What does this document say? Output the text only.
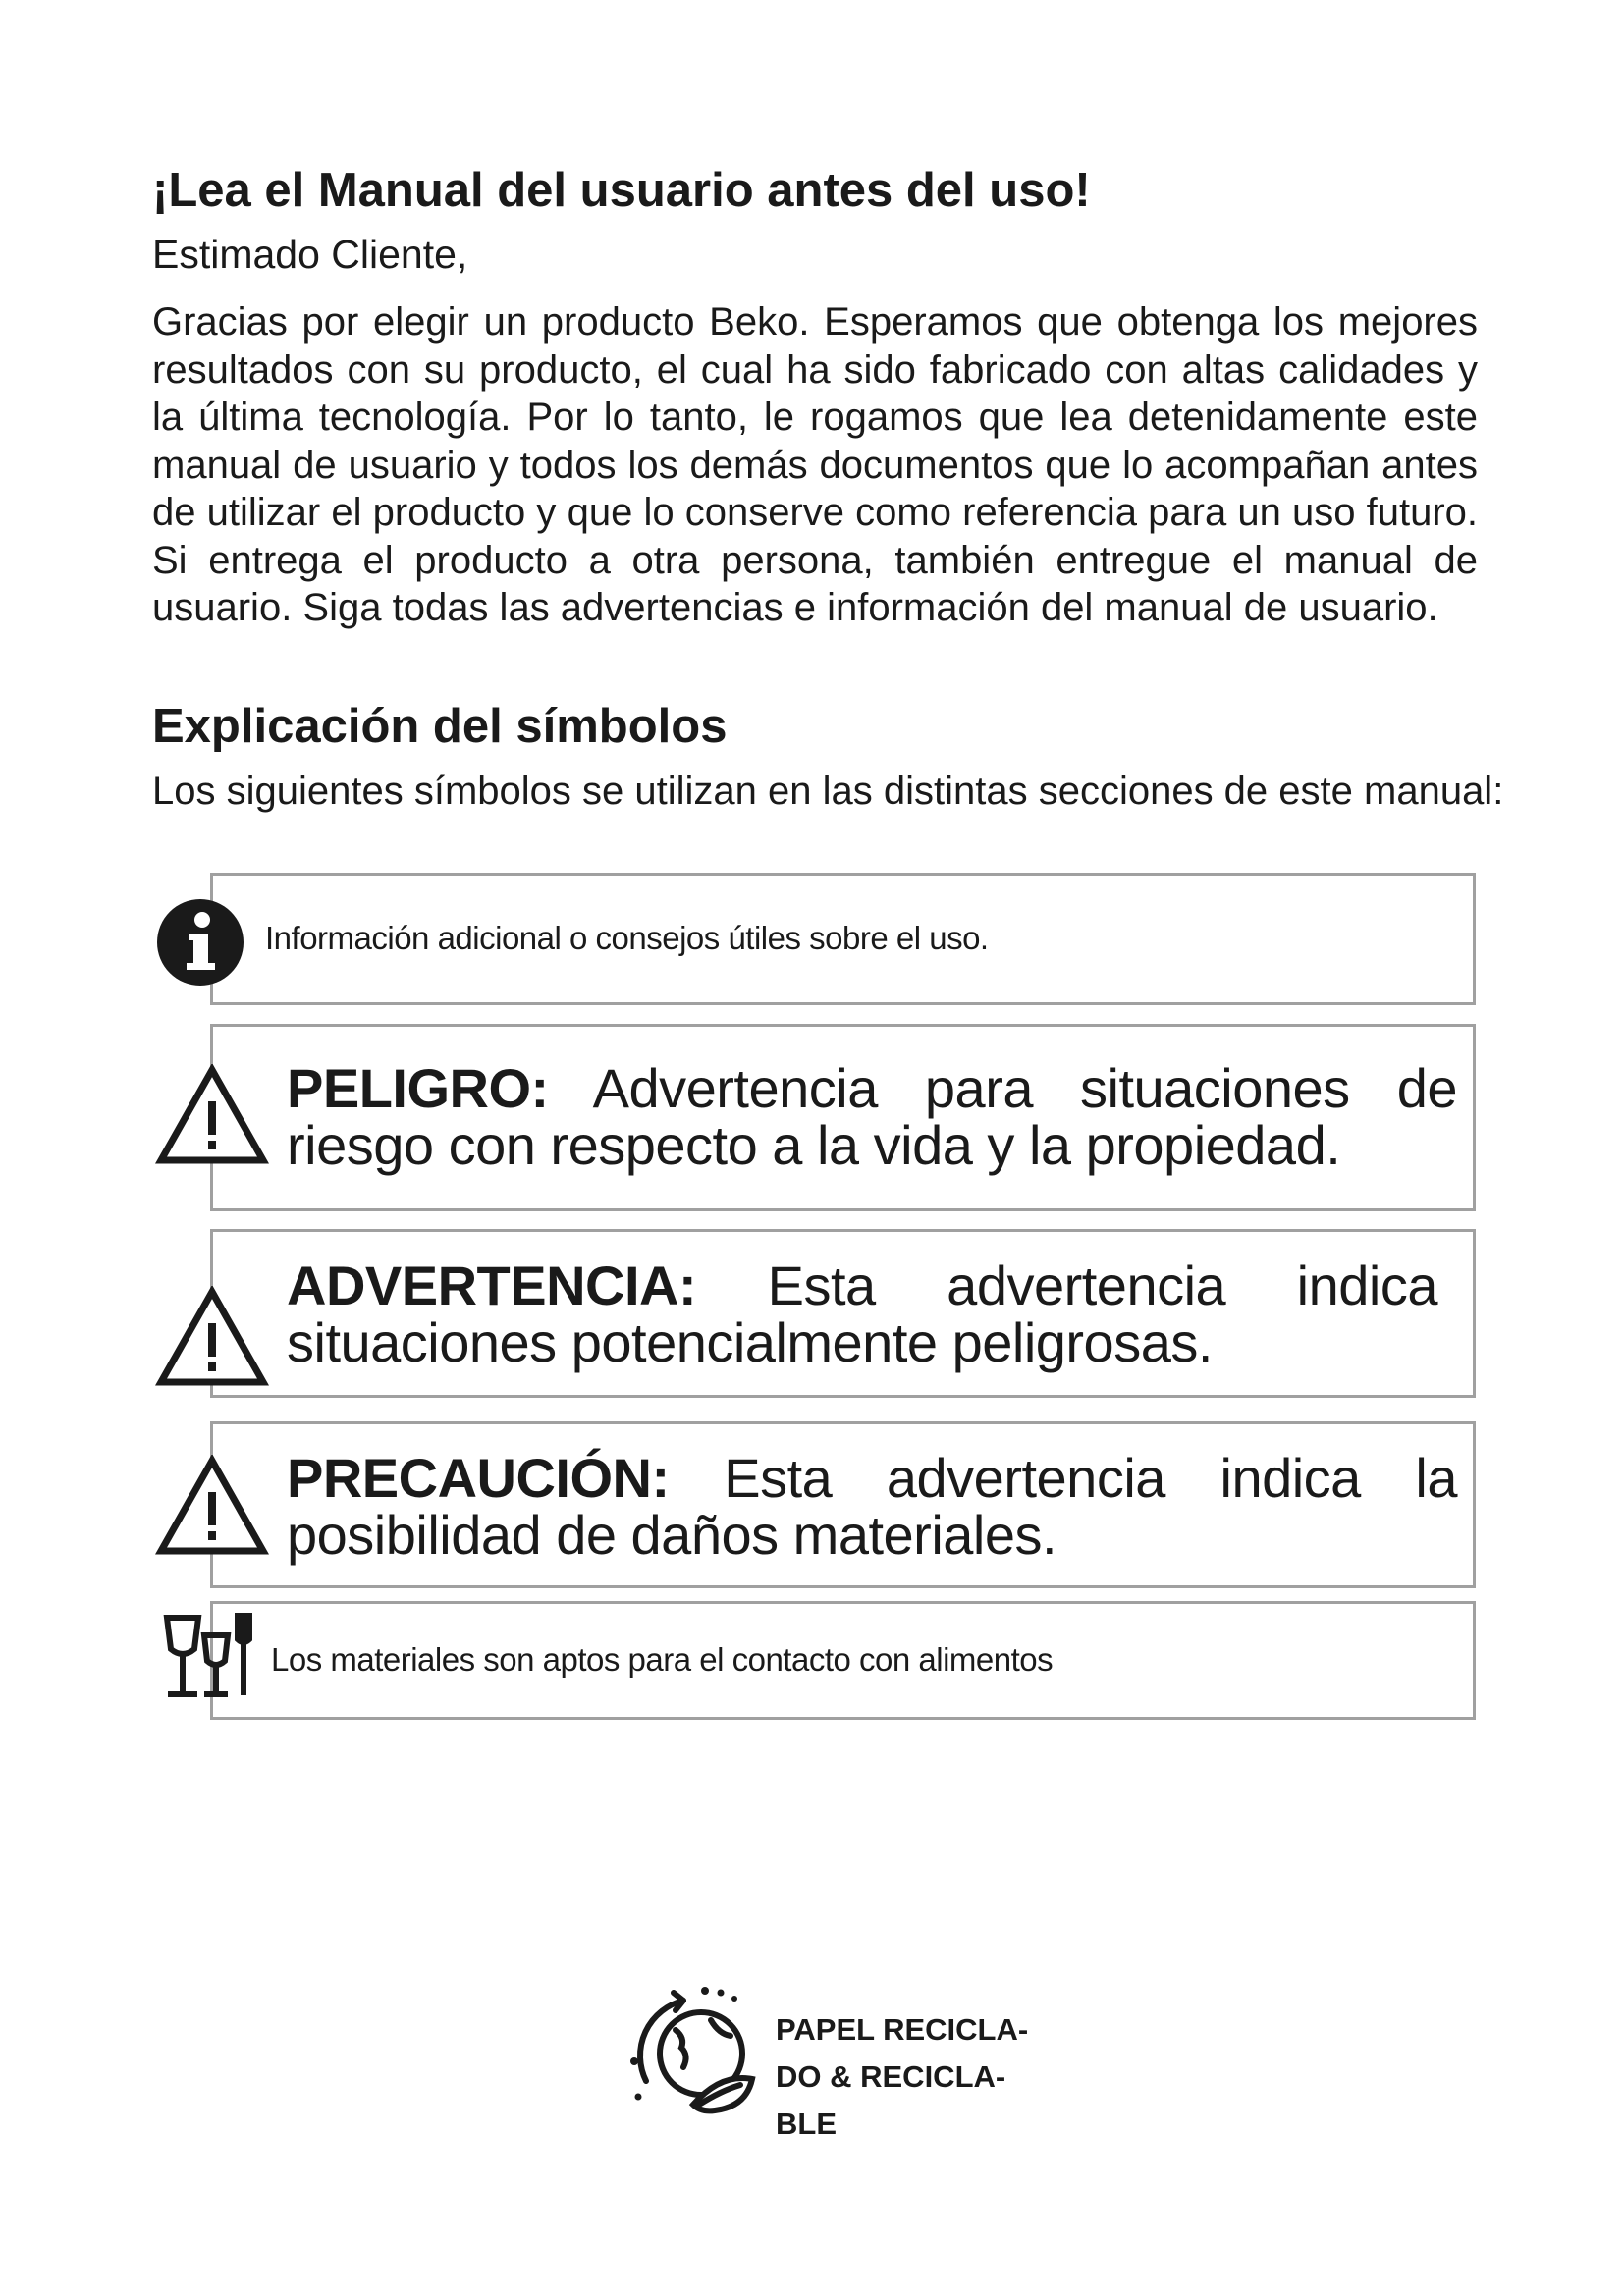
¡Lea el Manual del usuario antes del uso!
Estimado Cliente,
Gracias por elegir un producto Beko. Esperamos que obtenga los mejores resultados con su producto, el cual ha sido fabricado con altas calidades y la última tecnología. Por lo tanto, le rogamos que lea detenidamente este manual de usuario y todos los demás documentos que lo acompañan antes de utilizar el producto y que lo conserve como referencia para un uso futuro. Si entrega el producto a otra persona, también entregue el manual de usuario. Siga todas las advertencias e información del manual de usuario.
Explicación del símbolos
Los siguientes símbolos se utilizan en las distintas secciones de este manual:
Información adicional o consejos útiles sobre el uso.
PELIGRO: Advertencia para situaciones de riesgo con respecto a la vida y la propiedad.
ADVERTENCIA: Esta advertencia indica situaciones potencialmente peligrosas.
PRECAUCIÓN: Esta advertencia indica la posibilidad de daños materiales.
Los materiales son aptos para el contacto con alimentos
PAPEL RECICLA-
DO & RECICLA-
BLE
